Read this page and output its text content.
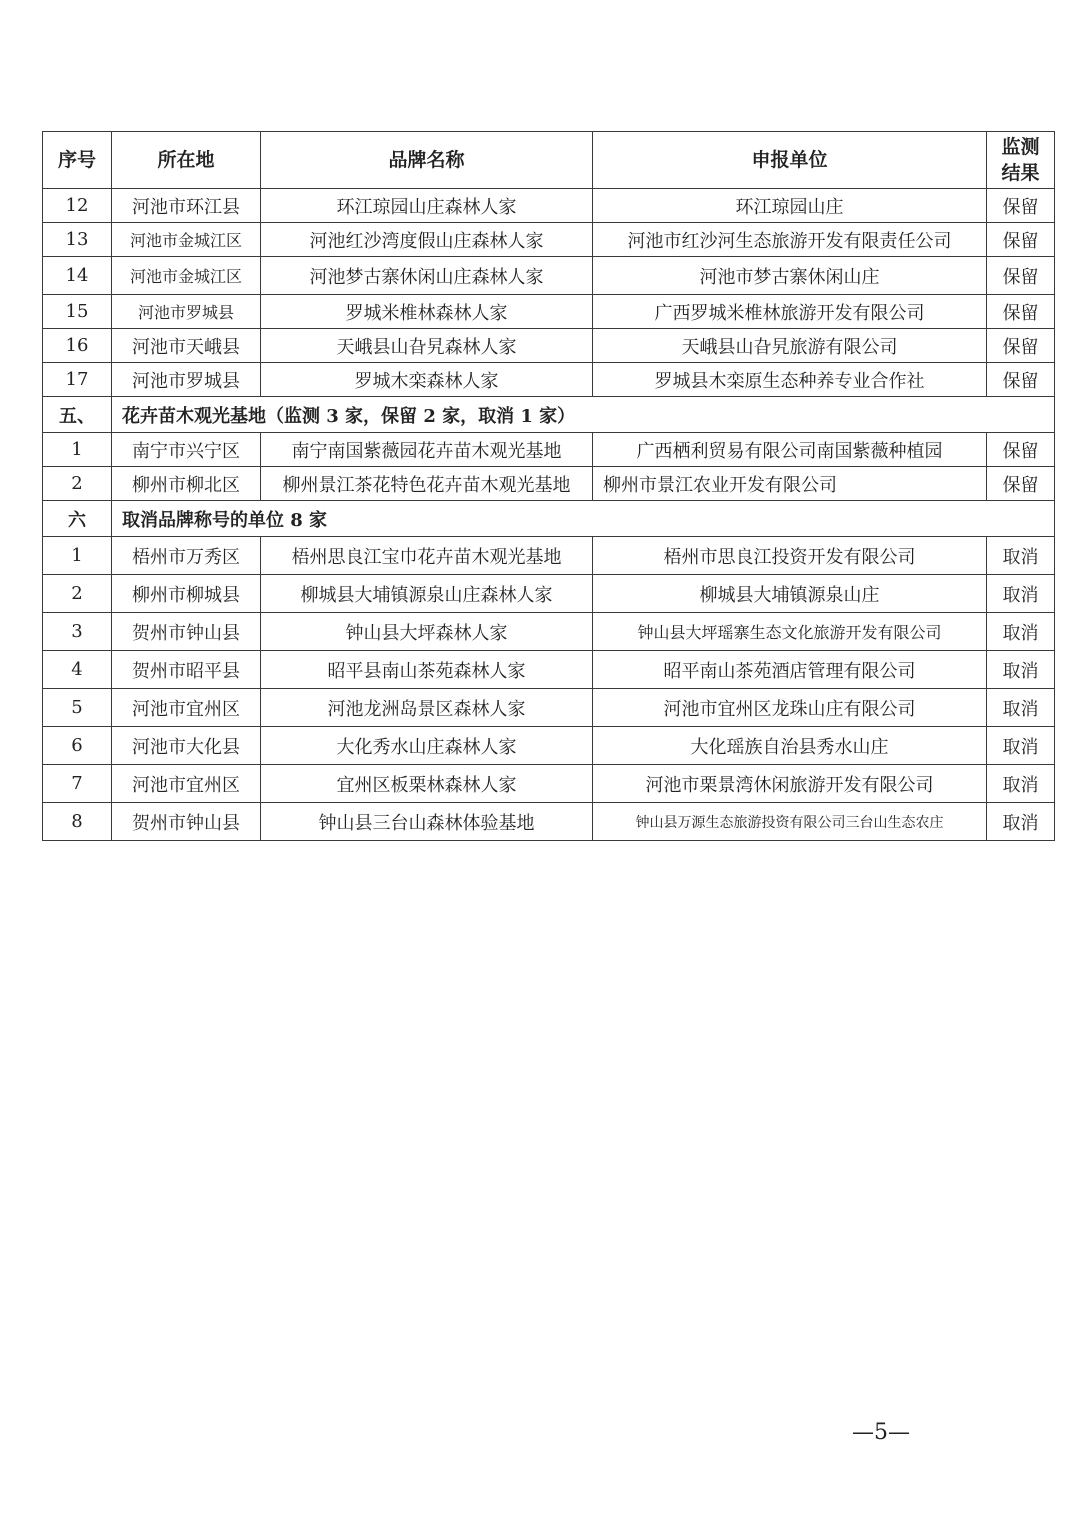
序号	所在地	品牌名称	申报单位	监测
结果
12	河池市环江县	环江琼园山庄森林人家	环江琼园山庄	保留
13	河池市金城江区	河池红沙湾度假山庄森林人家	河池市红沙河生态旅游开发有限责任公司	保留
14	河池市金城江区	河池梦古寨休闲山庄森林人家	河池市梦古寨休闲山庄	保留
15	河池市罗城县	罗城米椎林森林人家	广西罗城米椎林旅游开发有限公司	保留
16	河池市天峨县	天峨县山旮旯森林人家	天峨县山旮旯旅游有限公司	保留
17	河池市罗城县	罗城木栾森林人家	罗城县木栾原生态种养专业合作社	保留
五、	花卉苗木观光基地（监测 3 家，保留 2 家，取消 1 家）			
1	南宁市兴宁区	南宁南国紫薇园花卉苗木观光基地	广西栖利贸易有限公司南国紫薇种植园	保留
2	柳州市柳北区	柳州景江茶花特色花卉苗木观光基地	柳州市景江农业开发有限公司	保留
六	取消品牌称号的单位 8 家			
1	梧州市万秀区	梧州思良江宝巾花卉苗木观光基地	梧州市思良江投资开发有限公司	取消
2	柳州市柳城县	柳城县大埔镇源泉山庄森林人家	柳城县大埔镇源泉山庄	取消
3	贺州市钟山县	钟山县大坪森林人家	钟山县大坪瑶寨生态文化旅游开发有限公司	取消
4	贺州市昭平县	昭平县南山茶苑森林人家	昭平南山茶苑酒店管理有限公司	取消
5	河池市宜州区	河池龙洲岛景区森林人家	河池市宜州区龙珠山庄有限公司	取消
6	河池市大化县	大化秀水山庄森林人家	大化瑶族自治县秀水山庄	取消
7	河池市宜州区	宜州区板栗林森林人家	河池市栗景湾休闲旅游开发有限公司	取消
8	贺州市钟山县	钟山县三台山森林体验基地	钟山县万源生态旅游投资有限公司三台山生态农庄	取消
—5—
